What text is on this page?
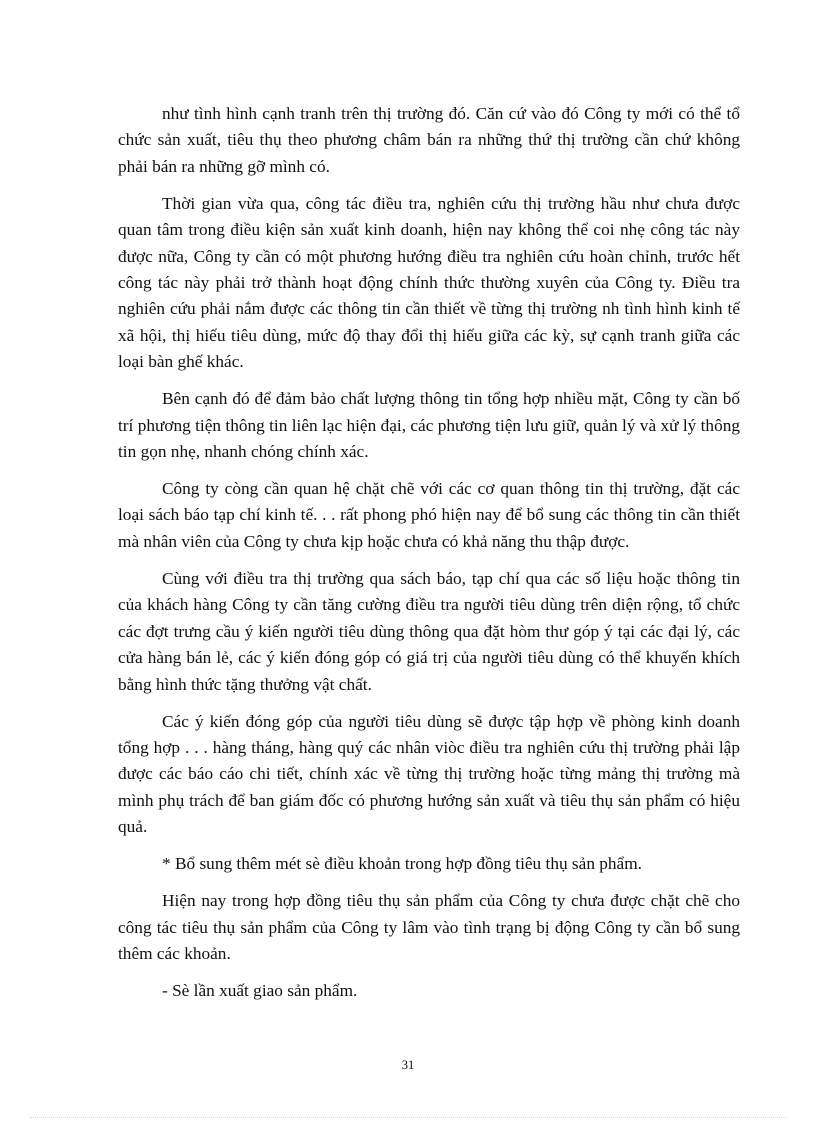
như tình hình cạnh tranh trên thị trường đó. Căn cứ vào đó Công ty mới có thể tổ chức sản xuất, tiêu thụ theo phương châm bán ra những thứ thị trường cần chứ không phải bán ra những gỡ mình có.

Thời gian vừa qua, công tác điều tra, nghiên cứu thị trường hầu như chưa được quan tâm trong điều kiện sản xuất kinh doanh, hiện nay không thể coi nhẹ công tác này được nữa, Công ty cần có một phương hướng điều tra nghiên cứu hoàn chỉnh, trước hết công tác này phải trở thành hoạt động chính thức thường xuyên của Công ty. Điều tra nghiên cứu phải nắm được các thông tin cần thiết về từng thị trường nh tình hình kinh tế xã hội, thị hiếu tiêu dùng, mức độ thay đổi thị hiếu giữa các kỳ, sự cạnh tranh giữa các loại bàn ghế khác.

Bên cạnh đó để đảm bảo chất lượng thông tin tổng hợp nhiều mặt, Công ty cần bố trí phương tiện thông tin liên lạc hiện đại, các phương tiện lưu giữ, quản lý và xử lý thông tin gọn nhẹ, nhanh chóng chính xác.

Công ty còng cần quan hệ chặt chẽ với các cơ quan thông tin thị trường, đặt các loại sách báo tạp chí kinh tế. . . rất phong phó hiện nay để bổ sung các thông tin cần thiết mà nhân viên của Công ty chưa kịp hoặc chưa có khả năng thu thập được.

Cùng với điều tra thị trường qua sách báo, tạp chí qua các số liệu hoặc thông tin của khách hàng Công ty cần tăng cường điều tra người tiêu dùng trên diện rộng, tổ chức các đợt trưng cầu ý kiến người tiêu dùng thông qua đặt hòm thư góp ý tại các đại lý, các cửa hàng bán lẻ, các ý kiến đóng góp có giá trị của người tiêu dùng có thể khuyến khích bằng hình thức tặng thưởng vật chất.

Các ý kiến đóng góp của người tiêu dùng sẽ được tập hợp về phòng kinh doanh tổng hợp . . . hàng tháng, hàng quý các nhân viòc điều tra nghiên cứu thị trường phải lập được các báo cáo chi tiết, chính xác về từng thị trường hoặc từng mảng thị trường mà mình phụ trách để ban giám đốc có phương hướng sản xuất và tiêu thụ sản phẩm có hiệu quả.

* Bổ sung thêm mét sè điều khoản trong hợp đồng tiêu thụ sản phẩm.

Hiện nay trong hợp đồng tiêu thụ sản phẩm của Công ty chưa được chặt chẽ cho công tác tiêu thụ sản phẩm của Công ty lâm vào tình trạng bị động Công ty cần bổ sung thêm các khoản.

- Sè lần xuất giao sản phẩm.

31
